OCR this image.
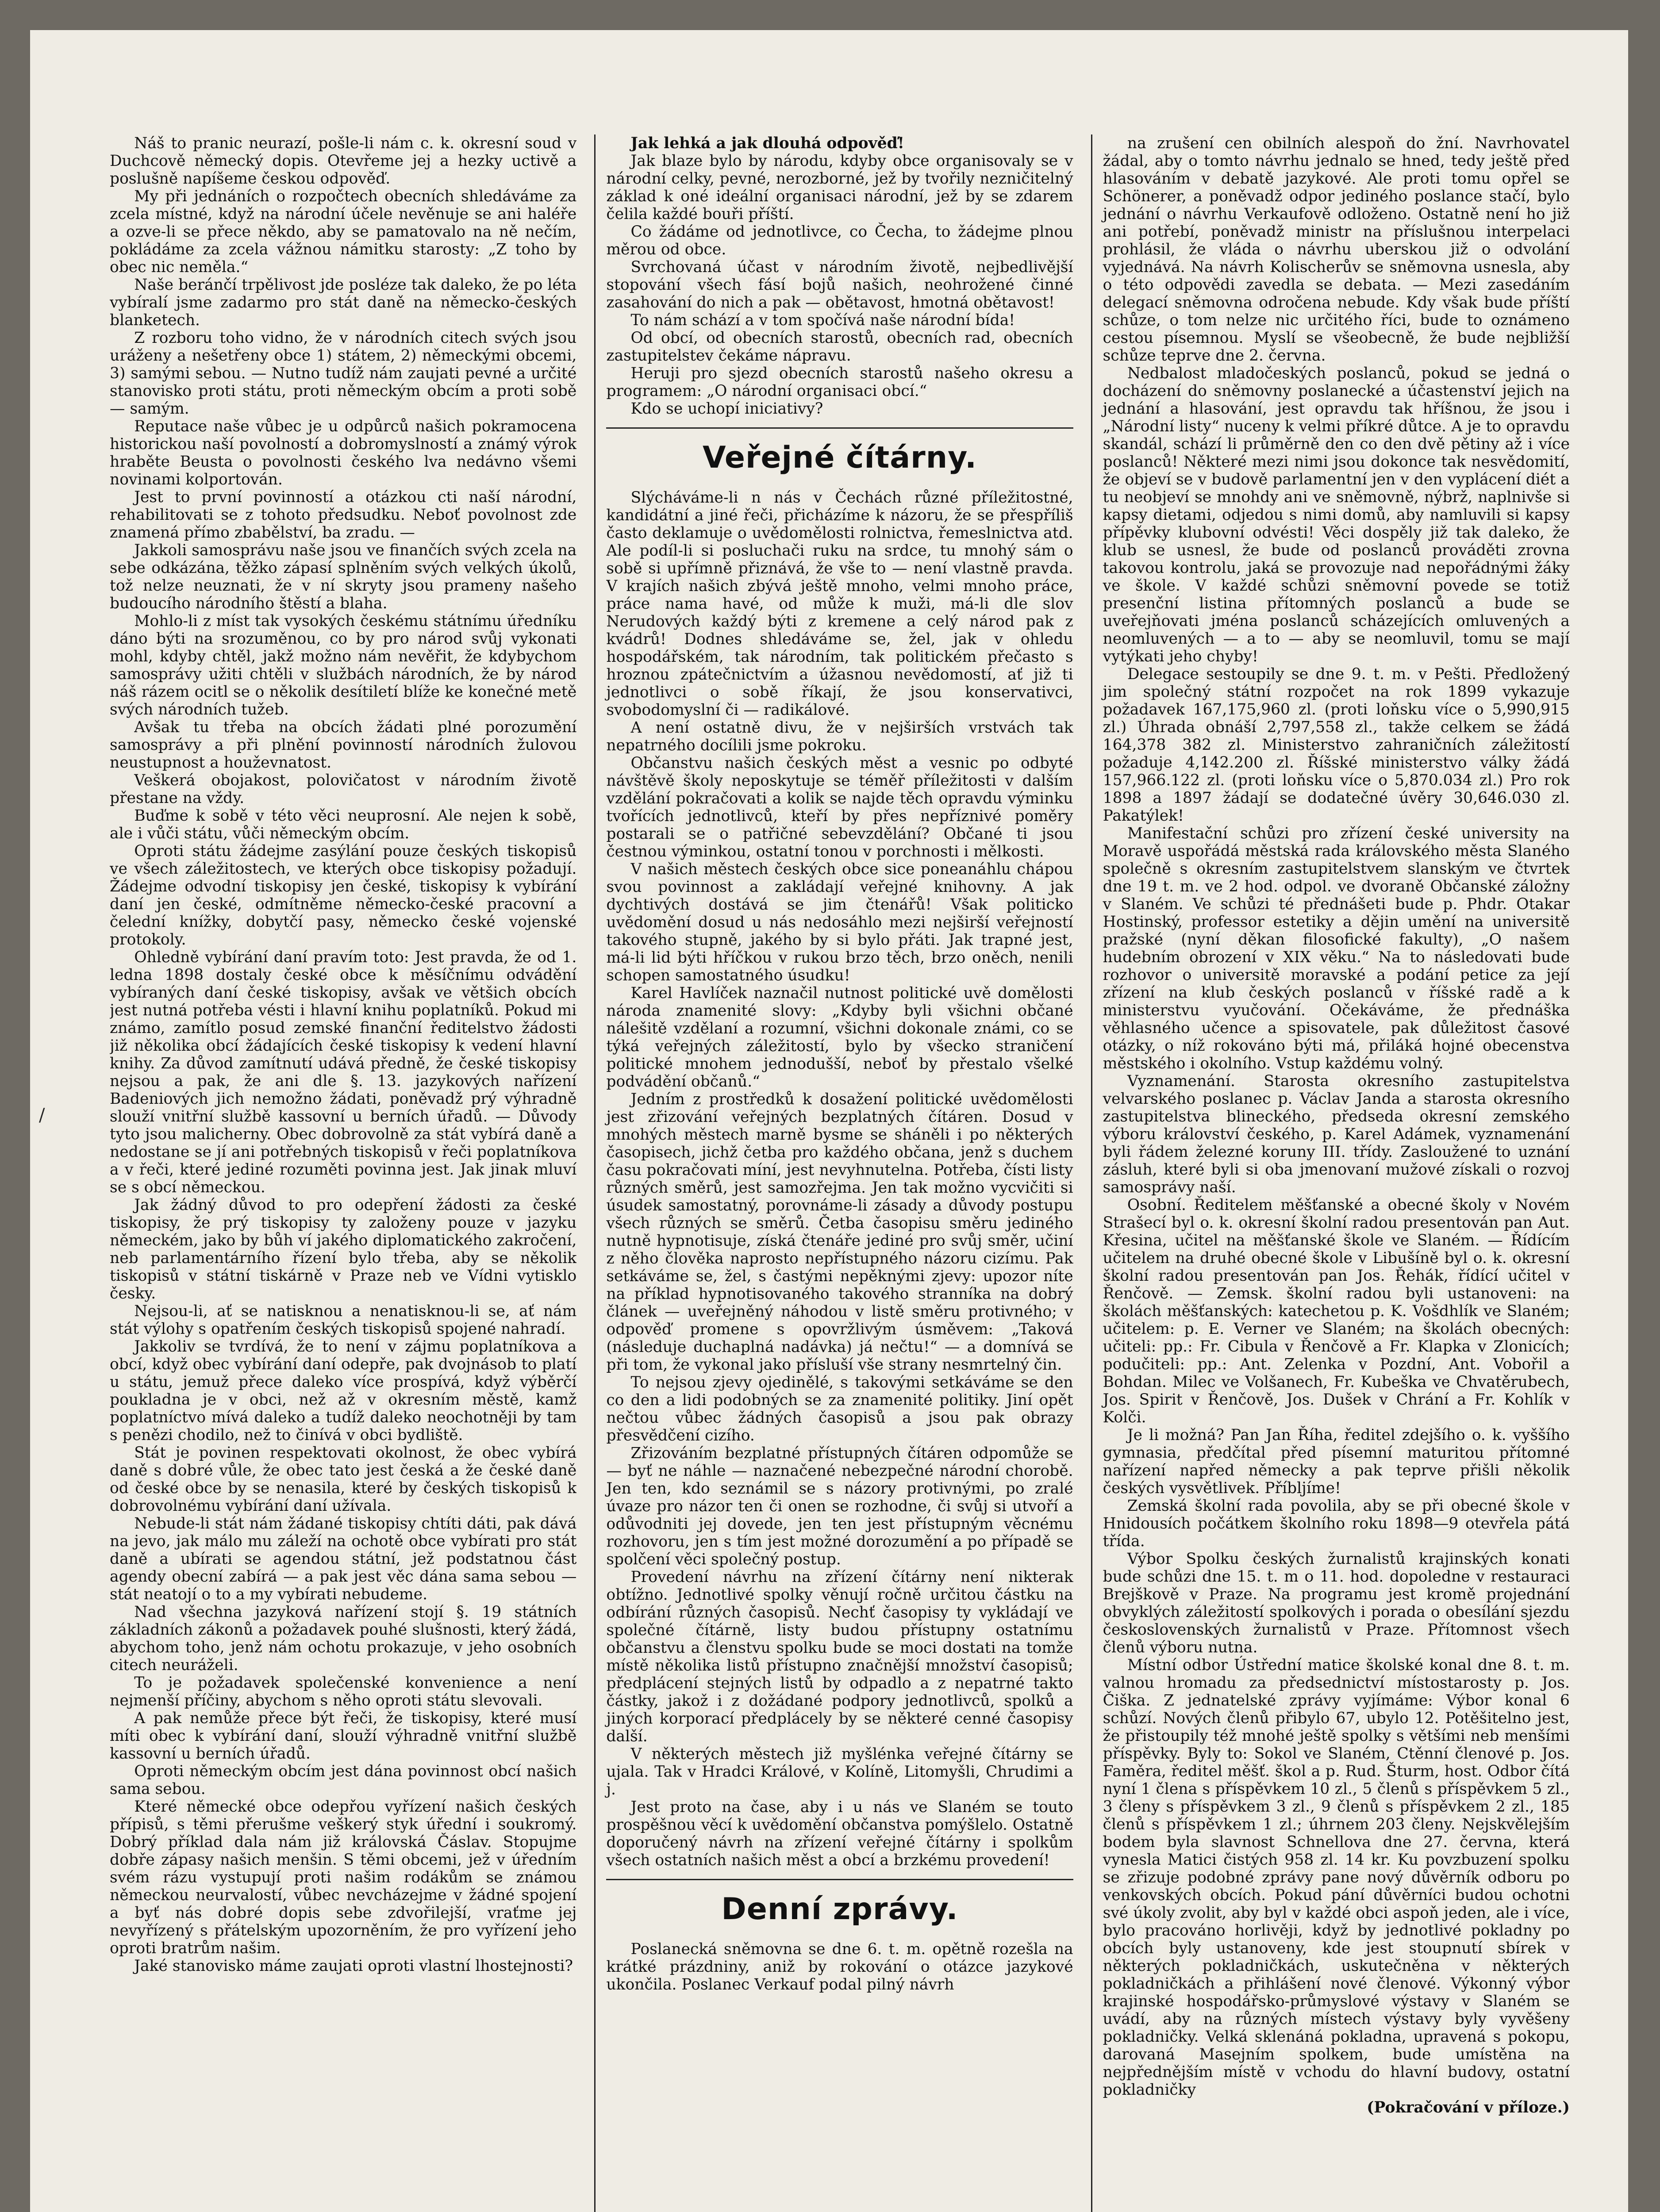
/

Náš to pranic neurazí, pošle-li nám c. k. okresní soud v Duchcově německý dopis. Otevřeme jej a hezky uctivě a poslušně napíšeme českou odpověď.

My při jednáních o rozpočtech obecních shledáváme za zcela místné, když na národní účele nevěnuje se ani haléře a ozve-li se přece někdo, aby se pamatovalo na ně nečím, pokládáme za zcela vážnou námitku starosty: „Z toho by obec nic neměla.“

Naše beránčí trpělivost jde posléze tak daleko, že po léta vybíralí jsme zadarmo pro stát daně na německo-českých blanketech.

Z rozboru toho vidno, že v národních citech svých jsou uráženy a nešetřeny obce 1) státem, 2) německými obcemi, 3) samými sebou. — Nutno tudíž nám zaujati pevné a určité stanovisko proti státu, proti německým obcím a proti sobě — samým.

Reputace naše vůbec je u odpůrců našich pokramocena historickou naší povolností a dobromyslností a známý výrok hraběte Beusta o povolnosti českého lva nedávno všemi novinami kolportován.

Jest to první povinností a otázkou cti naší národní, rehabilitovati se z tohoto předsudku. Neboť povolnost zde znamená přímo zbabělství, ba zradu. —

Jakkoli samosprávu naše jsou ve finančích svých zcela na sebe odkázána, těžko zápasí splněním svých velkých úkolů, tož nelze neuznati, že v ní skryty jsou prameny našeho budoucího národního štěstí a blaha.

Mohlo-li z míst tak vysokých českému státnímu úředníku dáno býti na srozuměnou, co by pro národ svůj vykonati mohl, kdyby chtěl, jakž možno nám nevěřit, že kdybychom samosprávy užiti chtěli v službách národních, že by národ náš rázem ocitl se o několik desítiletí blíže ke konečné metě svých národních tužeb.

Avšak tu třeba na obcích žádati plné porozumění samosprávy a při plnění povinností národních žulovou neustupnost a houževnatost.

Veškerá obojakost, polovičatost v národním životě přestane na vždy.

Buďme k sobě v této věci neuprosní. Ale nejen k sobě, ale i vůči státu, vůči německým obcím.

Oproti státu žádejme zasýlání pouze českých tiskopisů ve všech záležitostech, ve kterých obce tiskopisy požadují. Žádejme odvodní tiskopisy jen české, tiskopisy k vybírání daní jen české, odmítněme německo-české pracovní a čelední knížky, dobytčí pasy, německo české vojenské protokoly.

Ohledně vybírání daní pravím toto: Jest pravda, že od 1. ledna 1898 dostaly české obce k měsíčnímu odvádění vybíraných daní české tiskopisy, avšak ve většich obcích jest nutná potřeba vésti i hlavní knihu poplatníků. Pokud mi známo, zamítlo posud zemské finanční ředitelstvo žádosti již několika obcí žádajících české tiskopisy k vedení hlavní knihy. Za důvod zamítnutí udává předně, že české tiskopisy nejsou a pak, že ani dle §. 13. jazykových nařízení Badeniových jich nemožno žádati, poněvadž prý výhradně slouží vnitřní službě kassovní u berních úřadů. — Důvody tyto jsou malicherny. Obec dobrovolně za stát vybírá daně a nedostane se jí ani potřebných tiskopisů v řeči poplatníkova a v řeči, které jediné rozuměti povinna jest. Jak jinak mluví se s obcí německou.

Jak žádný důvod to pro odepření žádosti za české tiskopisy, že prý tiskopisy ty založeny pouze v jazyku německém, jako by bůh ví jakého diplomatického zakročení, neb parlamentárního řízení bylo třeba, aby se několik tiskopisů v státní tiskárně v Praze neb ve Vídni vytisklo česky.

Nejsou-li, ať se natisknou a nenatisknou-li se, ať nám stát výlohy s opatřením českých tiskopisů spojené nahradí.

Jakkoliv se tvrdívá, že to není v zájmu poplatníkova a obcí, když obec vybírání daní odepře, pak dvojnásob to platí u státu, jemuž přece daleko více prospívá, když výběrčí poukladna je v obci, než až v okresním městě, kamž poplatníctvo mívá daleko a tudíž daleko neochotněji by tam s penězi chodilo, než to činívá v obci bydliště.

Stát je povinen respektovati okolnost, že obec vybírá daně s dobré vůle, že obec tato jest česká a že české daně od české obce by se nenasila, které by českých tiskopisů k dobrovolnému vybírání daní užívala.

Nebude-li stát nám žádané tiskopisy chtíti dáti, pak dává na jevo, jak málo mu záleží na ochotě obce vybírati pro stát daně a ubírati se agendou státní, jež podstatnou část agendy obecní zabírá — a pak jest věc dána sama sebou — stát neatojí o to a my vybírati nebudeme.

Nad všechna jazyková nařízení stojí §. 19 státních základních zákonů a požadavek pouhé slušnosti, který žádá, abychom toho, jenž nám ochotu prokazuje, v jeho osobních citech neuráželi.

To je požadavek společenské konvenience a není nejmenší příčiny, abychom s něho oproti státu slevovali.

A pak nemůže přece být řeči, že tiskopisy, které musí míti obec k vybírání daní, slouží výhradně vnitřní službě kassovní u berních úřadů.

Oproti německým obcím jest dána povinnost obcí našich sama sebou.

Které německé obce odepřou vyřízení našich českých přípisů, s těmi přerušme veškerý styk úřední i soukromý. Dobrý příklad dala nám již královská Čáslav. Stopujme dobře zápasy našich menšin. S těmi obcemi, jež v úředním svém rázu vystupují proti našim rodákům se známou německou neurvalostí, vůbec nevcházejme v žádné spojení a byť nás dobré dopis sebe zdvořilejší, vraťme jej nevyřízený s přátelským upozorněním, že pro vyřízení jeho oproti bratrům našim.

Jaké stanovisko máme zaujati oproti vlastní lhostejnosti?

Jak lehká a jak dlouhá odpověď!

Jak blaze bylo by národu, kdyby obce organisovaly se v národní celky, pevné, nerozborné, jež by tvořily nezničitelný základ k oné ideální organisaci národní, jež by se zdarem čelila každé bouři příští.

Co žádáme od jednotlivce, co Čecha, to žádejme plnou měrou od obce.

Svrchovaná účast v národním životě, nejbedlivější stopování všech fásí bojů našich, neohrožené činné zasahování do nich a pak — obětavost, hmotná obětavost!

To nám schází a v tom spočívá naše národní bída!

Od obcí, od obecních starostů, obecních rad, obecních zastupitelstev čekáme nápravu.

Heruji pro sjezd obecních starostů našeho okresu a programem: „O národní organisaci obcí.“

Kdo se uchopí iniciativy?

Veřejné čítárny.

Slýcháváme-li n nás v Čechách různé příležitostné, kandidátní a jiné řeči, přicházíme k názoru, že se přespříliš často deklamuje o uvědomělosti rolnictva, řemeslnictva atd. Ale podíl-li si posluchači ruku na srdce, tu mnohý sám o sobě si upřímně přiznává, že vše to — není vlastně pravda. V krajích našich zbývá ještě mnoho, velmi mnoho práce, práce nama havé, od může k muži, má-li dle slov Nerudových každý býti z kremene a celý národ pak z kvádrů! Dodnes shledáváme se, žel, jak v ohledu hospodářském, tak národním, tak politickém přečasto s hroznou zpátečnictvím a úžasnou nevědomostí, ať již ti jednotlivci o sobě říkají, že jsou konservativci, svobodomyslní či — radikálové.

A není ostatně divu, že v nejširších vrstvách tak nepatrného docílili jsme pokroku.

Občanstvu našich českých měst a vesnic po odbyté návštěvě školy neposkytuje se téměř příležitosti v dalším vzdělání pokračovati a kolik se najde těch opravdu výminku tvořících jednotlivců, kteří by přes nepříznivé poměry postarali se o patřičné sebevzdělání? Občané ti jsou čestnou výminkou, ostatní tonou v porchnosti i mělkosti.

V našich městech českých obce sice poneanáhlu chápou svou povinnost a zakládají veřejné knihovny. A jak dychtivých dostává se jim čtenářů! Však politicko uvědomění dosud u nás nedosáhlo mezi nejširší veřejností takového stupně, jakého by si bylo přáti. Jak trapné jest, má-li lid býti hříčkou v rukou brzo těch, brzo oněch, nenili schopen samostatného úsudku!

Karel Havlíček naznačil nutnost politické uvě domělosti národa znamenité slovy: „Kdyby byli všichni občané nálešitě vzdělaní a rozumní, všichni dokonale známi, co se týká veřejných záležitostí, bylo by všecko straničení politické mnohem jednodušší, neboť by přestalo všelké podvádění občanů.“

Jedním z prostředků k dosažení politické uvědomělosti jest zřizování veřejných bezplatných čítáren. Dosud v mnohých městech marně bysme se sháněli i po některých časopisech, jichž četba pro každého občana, jenž s duchem času pokračovati míní, jest nevyhnutelna. Potřeba, čísti listy různých směrů, jest samozřejma. Jen tak možno vycvičiti si úsudek samostatný, porovnáme-li zásady a důvody postupu všech různých se směrů. Četba časopisu směru jediného nutně hypnotisuje, získá čtenáře jediné pro svůj směr, učiní z něho člověka naprosto nepřístupného názoru cizímu. Pak setkáváme se, žel, s častými nepěknými zjevy: upozor níte na příklad hypnotisovaného takového stranníka na dobrý článek — uveřejněný náhodou v listě směru protivného; v odpověď promene s opovržlivým úsměvem: „Taková (následuje duchaplná nadávka) já nečtu!“ — a domnívá se při tom, že vykonal jako přísluší vše strany nesmrtelný čin.

To nejsou zjevy ojedinělé, s takovými setkáváme se den co den a lidi podobných se za znamenité politiky. Jiní opět nečtou vůbec žádných časopisů a jsou pak obrazy přesvědčení cizího.

Zřizováním bezplatné přístupných čítáren odpomůže se — byť ne náhle — naznačené nebezpečné národní chorobě. Jen ten, kdo seznámil se s názory protivnými, po zralé úvaze pro názor ten či onen se rozhodne, či svůj si utvoří a odůvodniti jej dovede, jen ten jest přístupným věcnému rozhovoru, jen s tím jest možné dorozumění a po případě se spolčení věci společný postup.

Provedení návrhu na zřízení čítárny není nikterak obtížno. Jednotlivé spolky věnují ročně určitou částku na odbírání různých časopisů. Nechť časopisy ty vykládají ve společné čítárně, listy budou přístupny ostatnímu občanstvu a členstvu spolku bude se moci dostati na tomže místě několika listů přístupno značnější množství časopisů; předplácení stejných listů by odpadlo a z nepatrné takto částky, jakož i z dožádané podpory jednotlivců, spolků a jiných korporací předplácely by se některé cenné časopisy další.

V některých městech již myšlénka veřejné čítárny se ujala. Tak v Hradci Králové, v Kolíně, Litomyšli, Chrudimi a j.

Jest proto na čase, aby i u nás ve Slaném se touto prospěšnou věcí k uvědomění občanstva pomýšlelo. Ostatně doporučený návrh na zřízení veřejné čítárny i spolkům všech ostatních našich měst a obcí a brzkému provedení!

Denní zprávy.

Poslanecká sněmovna se dne 6. t. m. opětně rozešla na krátké prázdniny, aniž by rokování o otázce jazykové ukončila. Poslanec Verkauf podal pilný návrh

na zrušení cen obilních alespoň do žní. Navrhovatel žádal, aby o tomto návrhu jednalo se hned, tedy ještě před hlasováním v debatě jazykové. Ale proti tomu opřel se Schönerer, a poněvadž odpor jediného poslance stačí, bylo jednání o návrhu Verkaufově odloženo. Ostatně není ho již ani potřebí, poněvadž ministr na příslušnou interpelaci prohlásil, že vláda o návrhu uberskou již o odvolání vyjednává. Na návrh Kolischerův se sněmovna usnesla, aby o této odpovědi zavedla se debata. — Mezi zasedáním delegací sněmovna odročena nebude. Kdy však bude příští schůze, o tom nelze nic určitého říci, bude to oznámeno cestou písemnou. Myslí se všeobecně, že bude nejbližší schůze teprve dne 2. června.

Nedbalost mladočeských poslanců, pokud se jedná o docházení do sněmovny poslanecké a účastenství jejich na jednání a hlasování, jest opravdu tak hříšnou, že jsou i „Národní listy“ nuceny k velmi příkré důtce. A je to opravdu skandál, schází li průměrně den co den dvě pětiny až i více poslanců! Některé mezi nimi jsou dokonce tak nesvědomití, že objeví se v budově parlamentní jen v den vyplácení diét a tu neobjeví se mnohdy ani ve sněmovně, nýbrž, naplnivše si kapsy dietami, odjedou s nimi domů, aby namluvili si kapsy přípěvky klubovní odvésti! Věci dospěly již tak daleko, že klub se usnesl, že bude od poslanců prováděti zrovna takovou kontrolu, jaká se provozuje nad nepořádnými žáky ve škole. V každé schůzi sněmovní povede se totiž presenční listina přítomných poslanců a bude se uveřejňovati jména poslanců scházejících omluvených a neomluvených — a to — aby se neomluvil, tomu se mají vytýkati jeho chyby!

Delegace sestoupily se dne 9. t. m. v Pešti. Předložený jim společný státní rozpočet na rok 1899 vykazuje požadavek 167,175,960 zl. (proti loňsku více o 5,990,915 zl.) Úhrada obnáší 2,797,558 zl., takže celkem se žádá 164,378 382 zl. Ministerstvo zahraničních záležitostí požaduje 4,142.200 zl. Říšské ministerstvo války žádá 157,966.122 zl. (proti loňsku více o 5,870.034 zl.) Pro rok 1898 a 1897 žádají se dodatečné úvěry 30,646.030 zl. Pakatýlek!

Manifestační schůzi pro zřízení české university na Moravě uspořádá městská rada královského města Slaného společně s okresním zastupitelstvem slanským ve čtvrtek dne 19 t. m. ve 2 hod. odpol. ve dvoraně Občanské záložny v Slaném. Ve schůzi té přednášeti bude p. Phdr. Otakar Hostinský, professor estetiky a dějin umění na universitě pražské (nyní děkan filosofické fakulty), „O našem hudebním obrození v XIX věku.“ Na to následovati bude rozhovor o universitě moravské a podání petice za její zřízení na klub českých poslanců v říšské radě a k ministerstvu vyučování. Očekáváme, že přednáška věhlasného učence a spisovatele, pak důležitost časové otázky, o níž rokováno býti má, přiláká hojné obecenstva městského i okolního. Vstup každému volný.

Vyznamenání. Starosta okresního zastupitelstva velvarského poslanec p. Václav Janda a starosta okresního zastupitelstva blineckého, předseda okresní zemského výboru království českého, p. Karel Adámek, vyznamenání byli řádem železné koruny III. třídy. Zasloužené to uznání zásluh, které byli si oba jmenovaní mužové získali o rozvoj samosprávy naší.

Osobní. Ředitelem měšťanské a obecné školy v Novém Strašecí byl o. k. okresní školní radou presentován pan Aut. Křesina, učitel na měšťanské škole ve Slaném. — Řídícím učitelem na druhé obecné škole v Libušíně byl o. k. okresní školní radou presentován pan Jos. Řehák, řídící učitel v Řenčově. — Zemsk. školní radou byli ustanoveni: na školách měšťanských: katechetou p. K. Vošdhlík ve Slaném; učitelem: p. E. Verner ve Slaném; na školách obecných: učiteli: pp.: Fr. Cibula v Řenčově a Fr. Klapka v Zlonicích; podučiteli: pp.: Ant. Zelenka v Pozdní, Ant. Vobořil a Bohdan. Milec ve Volšanech, Fr. Kubeška ve Chvatěrubech, Jos. Spirit v Řenčově, Jos. Dušek v Chrání a Fr. Kohlík v Kolči.

Je li možná? Pan Jan Říha, ředitel zdejšího o. k. vyššího gymnasia, předčítal před písemní maturitou přítomné nařízení napřed německy a pak teprve přišli několik českých vysvětlivek. Příbljíme!

Zemská školní rada povolila, aby se při obecné škole v Hnidousích počátkem školního roku 1898—9 otevřela pátá třída.

Výbor Spolku českých žurnalistů krajinských konati bude schůzi dne 15. t. m o 11. hod. dopoledne v restauraci Brejškově v Praze. Na programu jest kromě projednání obvyklých záležitostí spolkových i porada o obesílání sjezdu československých žurnalistů v Praze. Přítomnost všech členů výboru nutna.

Místní odbor Ústřední matice školské konal dne 8. t. m. valnou hromadu za předsednictví místostarosty p. Jos. Čiška. Z jednatelské zprávy vyjímáme: Výbor konal 6 schůzí. Nových členů přibylo 67, ubylo 12. Potěšitelno jest, že přistoupily též mnohé ještě spolky s většími neb menšími příspěvky. Byly to: Sokol ve Slaném, Ctěnní členové p. Jos. Faměra, ředitel měšť. škol a p. Rud. Šturm, host. Odbor čítá nyní 1 člena s příspěvkem 10 zl., 5 členů s příspěvkem 5 zl., 3 členy s příspěvkem 3 zl., 9 členů s příspěvkem 2 zl., 185 členů s příspěvkem 1 zl.; úhrnem 203 členy. Nejskvělejším bodem byla slavnost Schnellova dne 27. června, která vynesla Matici čistých 958 zl. 14 kr. Ku povzbuzení spolku se zřizuje podobné zprávy pane nový důvěrník odboru po venkovských obcích. Pokud pání důvěrníci budou ochotni své úkoly zvolit, aby byl v každé obci aspoň jeden, ale i více, bylo pracováno horlivěji, když by jednotlivé pokladny po obcích byly ustanoveny, kde jest stoupnutí sbírek v některých pokladničkách, uskutečněna v některých pokladničkách a přihlášení nové členové. Výkonný výbor krajinské hospodářsko-průmyslové výstavy v Slaném se uvádí, aby na různých místech výstavy byly vyvěšeny pokladničky. Velká sklenáná pokladna, upravená s pokopu, darovaná Masejním spolkem, bude umístěna na nejpřednějším místě v vchodu do hlavní budovy, ostatní pokladničky

(Pokračování v příloze.)
